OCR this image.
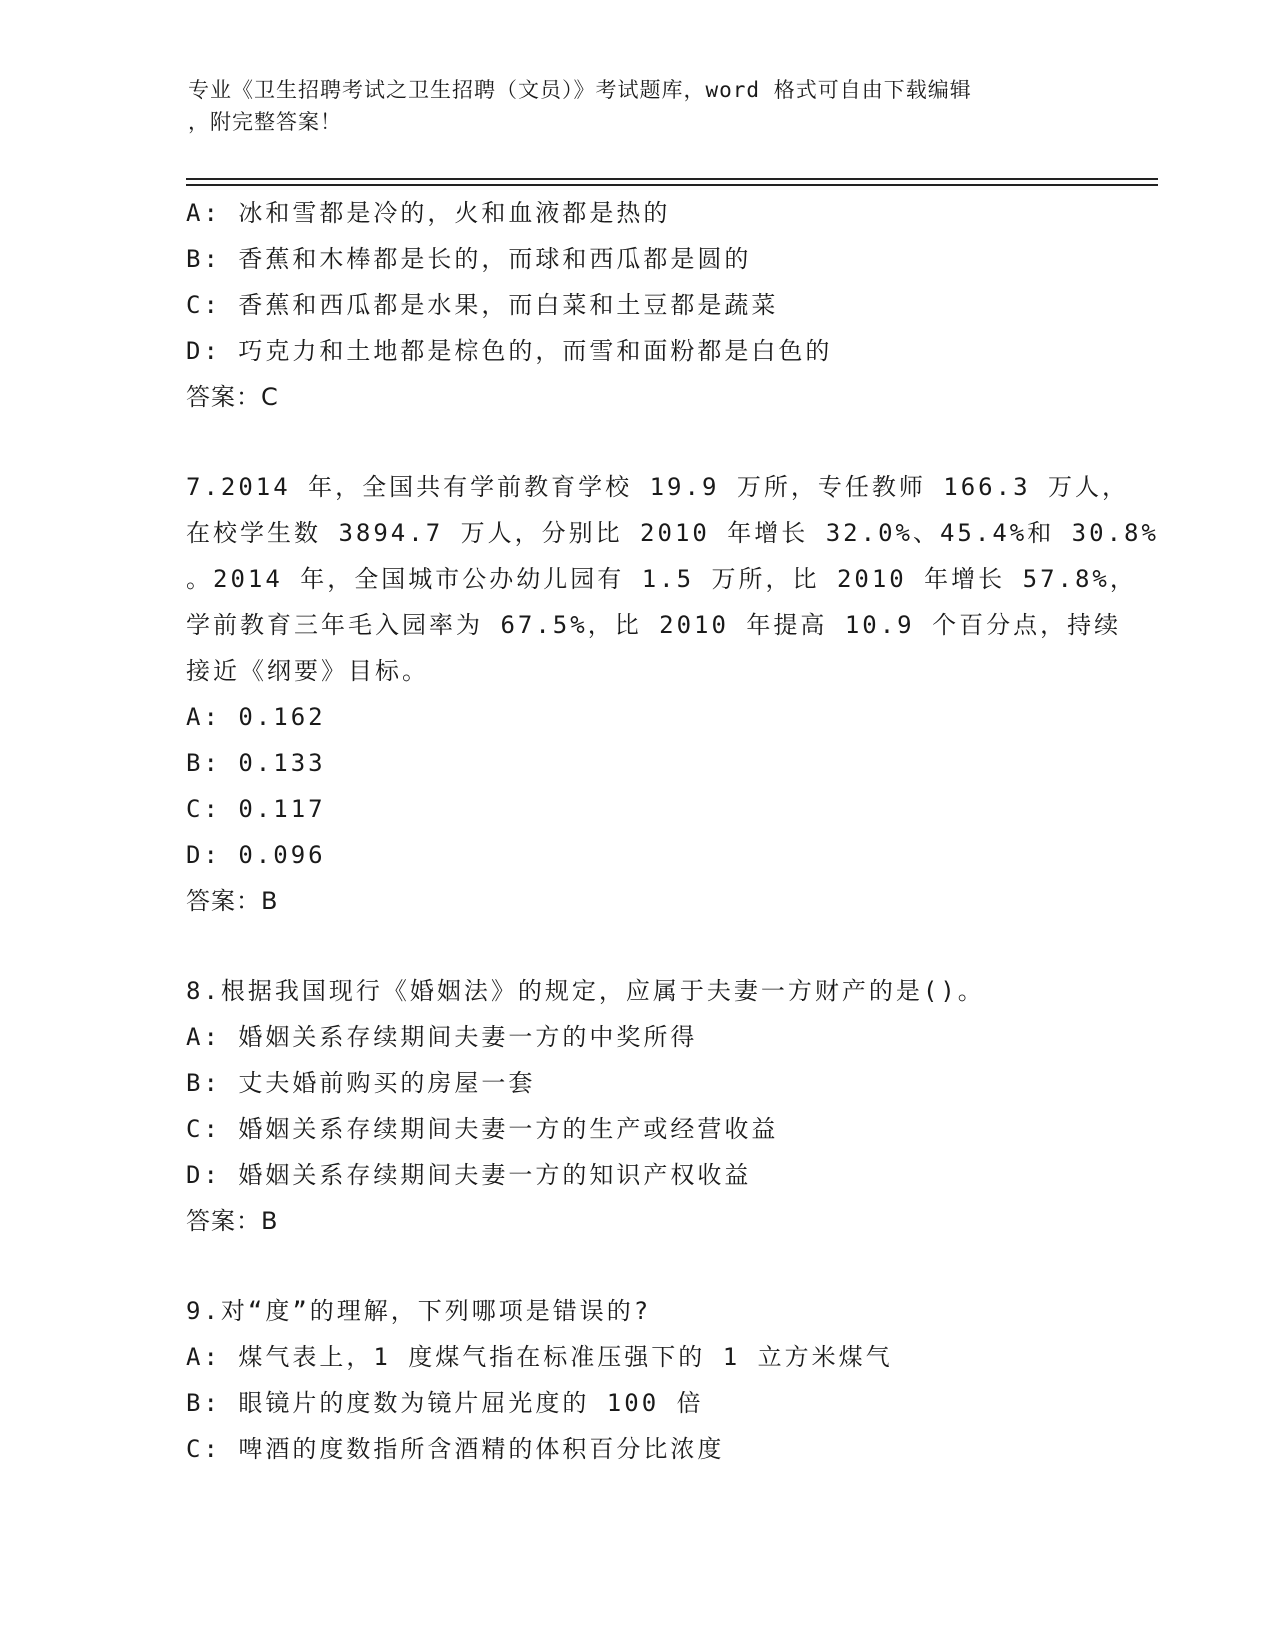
专业《卫生招聘考试之卫生招聘（文员）》考试题库，word 格式可自由下载编辑
，附完整答案！
A: 冰和雪都是冷的，火和血液都是热的
B: 香蕉和木棒都是长的，而球和西瓜都是圆的
C: 香蕉和西瓜都是水果，而白菜和土豆都是蔬菜
D: 巧克力和土地都是棕色的，而雪和面粉都是白色的
答案：C
7.2014 年，全国共有学前教育学校 19.9 万所，专任教师 166.3 万人，
在校学生数 3894.7 万人，分别比 2010 年增长 32.0%、45.4%和 30.8%
。2014 年，全国城市公办幼儿园有 1.5 万所，比 2010 年增长 57.8%，
学前教育三年毛入园率为 67.5%，比 2010 年提高 10.9 个百分点，持续
接近《纲要》目标。
A: 0.162
B: 0.133
C: 0.117
D: 0.096
答案：B
8.根据我国现行《婚姻法》的规定，应属于夫妻一方财产的是()。
A: 婚姻关系存续期间夫妻一方的中奖所得
B: 丈夫婚前购买的房屋一套
C: 婚姻关系存续期间夫妻一方的生产或经营收益
D: 婚姻关系存续期间夫妻一方的知识产权收益
答案：B
9.对“度”的理解，下列哪项是错误的?
A: 煤气表上，1 度煤气指在标准压强下的 1 立方米煤气
B: 眼镜片的度数为镜片屈光度的 100 倍
C: 啤酒的度数指所含酒精的体积百分比浓度
